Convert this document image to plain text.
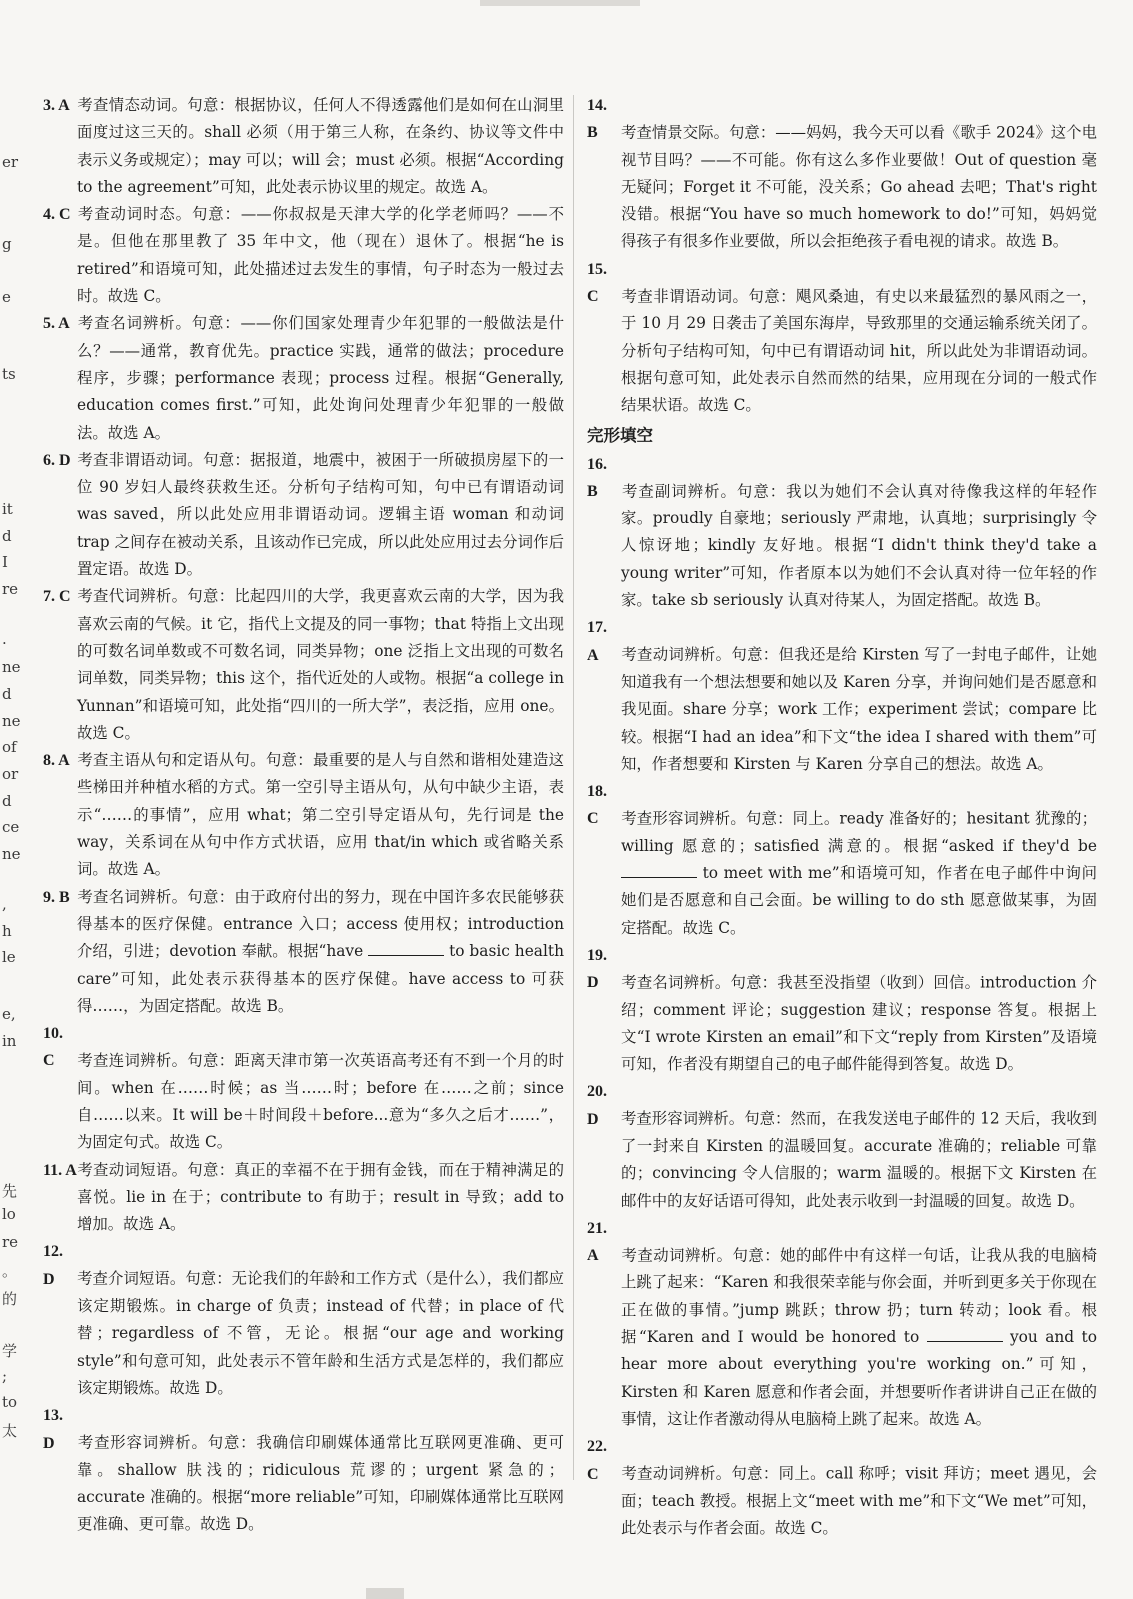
er
g
e
ts
it
d
I
re
.
ne
d
ne
of
or
d
ce
ne
,
h
le
e,
in
先
lo
re
。
的
学
;
to
太

3. A 考查情态动词。句意：根据协议，任何人不得透露他们是如何在山洞里面度过这三天的。shall 必须（用于第三人称，在条约、协议等文件中表示义务或规定）；may 可以；will 会；must 必须。根据“According to the agreement”可知，此处表示协议里的规定。故选 A。

4. C 考查动词时态。句意：——你叔叔是天津大学的化学老师吗？——不是。但他在那里教了 35 年中文，他（现在）退休了。根据“he is retired”和语境可知，此处描述过去发生的事情，句子时态为一般过去时。故选 C。

5. A 考查名词辨析。句意：——你们国家处理青少年犯罪的一般做法是什么？——通常，教育优先。practice 实践，通常的做法；procedure 程序，步骤；performance 表现；process 过程。根据“Generally, education comes first.”可知，此处询问处理青少年犯罪的一般做法。故选 A。

6. D 考查非谓语动词。句意：据报道，地震中，被困于一所破损房屋下的一位 90 岁妇人最终获救生还。分析句子结构可知，句中已有谓语动词 was saved，所以此处应用非谓语动词。逻辑主语 woman 和动词 trap 之间存在被动关系，且该动作已完成，所以此处应用过去分词作后置定语。故选 D。

7. C 考查代词辨析。句意：比起四川的大学，我更喜欢云南的大学，因为我喜欢云南的气候。it 它，指代上文提及的同一事物；that 特指上文出现的可数名词单数或不可数名词，同类异物；one 泛指上文出现的可数名词单数，同类异物；this 这个，指代近处的人或物。根据“a college in Yunnan”和语境可知，此处指“四川的一所大学”，表泛指，应用 one。故选 C。

8. A 考查主语从句和定语从句。句意：最重要的是人与自然和谐相处建造这些梯田并种植水稻的方式。第一空引导主语从句，从句中缺少主语，表示“……的事情”，应用 what；第二空引导定语从句，先行词是 the way，关系词在从句中作方式状语，应用 that/in which 或省略关系词。故选 A。

9. B 考查名词辨析。句意：由于政府付出的努力，现在中国许多农民能够获得基本的医疗保健。entrance 入口；access 使用权；introduction 介绍，引进；devotion 奉献。根据“have	to basic health care”可知，此处表示获得基本的医疗保健。have access to 可获得……，为固定搭配。故选 B。

10. C 考查连词辨析。句意：距离天津市第一次英语高考还有不到一个月的时间。when 在……时候；as 当……时；before 在……之前；since 自……以来。It will be＋时间段＋before...意为“多久之后才……”，为固定句式。故选 C。

11. A考查动词短语。句意：真正的幸福不在于拥有金钱，而在于精神满足的喜悦。lie in 在于；contribute to 有助于；result in 导致；add to 增加。故选 A。

12. D 考查介词短语。句意：无论我们的年龄和工作方式（是什么），我们都应该定期锻炼。in charge of 负责；instead of 代替；in place of 代替；regardless of 不管，无论。根据“our age and working style”和句意可知，此处表示不管年龄和生活方式是怎样的，我们都应该定期锻炼。故选 D。

13. D 考查形容词辨析。句意：我确信印刷媒体通常比互联网更准确、更可靠。shallow 肤浅的；ridiculous 荒谬的；urgent 紧急的；accurate 准确的。根据“more reliable”可知，印刷媒体通常比互联网更准确、更可靠。故选 D。

14. B 考查情景交际。句意：——妈妈，我今天可以看《歌手 2024》这个电视节目吗？——不可能。你有这么多作业要做！Out of question 毫无疑问；Forget it 不可能，没关系；Go ahead 去吧；That's right 没错。根据“You have so much homework to do!”可知，妈妈觉得孩子有很多作业要做，所以会拒绝孩子看电视的请求。故选 B。

15. C 考查非谓语动词。句意：飓风桑迪，有史以来最猛烈的暴风雨之一，于 10 月 29 日袭击了美国东海岸，导致那里的交通运输系统关闭了。分析句子结构可知，句中已有谓语动词 hit，所以此处为非谓语动词。根据句意可知，此处表示自然而然的结果，应用现在分词的一般式作结果状语。故选 C。

完形填空

16. B 考查副词辨析。句意：我以为她们不会认真对待像我这样的年轻作家。proudly 自豪地；seriously 严肃地，认真地；surprisingly 令人惊讶地；kindly 友好地。根据“I didn't think they'd take a young writer”可知，作者原本以为她们不会认真对待一位年轻的作家。take sb seriously 认真对待某人，为固定搭配。故选 B。

17. A 考查动词辨析。句意：但我还是给 Kirsten 写了一封电子邮件，让她知道我有一个想法想要和她以及 Karen 分享，并询问她们是否愿意和我见面。share 分享；work 工作；experiment 尝试；compare 比较。根据“I had an idea”和下文“the idea I shared with them”可知，作者想要和 Kirsten 与 Karen 分享自己的想法。故选 A。

18. C 考查形容词辨析。句意：同上。ready 准备好的；hesitant 犹豫的；willing 愿意的；satisfied 满意的。根据“asked if they'd be  to meet with me”和语境可知，作者在电子邮件中询问她们是否愿意和自己会面。be willing to do sth 愿意做某事，为固定搭配。故选 C。

19. D 考查名词辨析。句意：我甚至没指望（收到）回信。introduction 介绍；comment 评论；suggestion 建议；response 答复。根据上文“I wrote Kirsten an email”和下文“reply from Kirsten”及语境可知，作者没有期望自己的电子邮件能得到答复。故选 D。

20. D 考查形容词辨析。句意：然而，在我发送电子邮件的 12 天后，我收到了一封来自 Kirsten 的温暖回复。accurate 准确的；reliable 可靠的；convincing 令人信服的；warm 温暖的。根据下文 Kirsten 在邮件中的友好话语可得知，此处表示收到一封温暖的回复。故选 D。

21. A 考查动词辨析。句意：她的邮件中有这样一句话，让我从我的电脑椅上跳了起来：“Karen 和我很荣幸能与你会面，并听到更多关于你现在正在做的事情。”jump 跳跃；throw 扔；turn 转动；look 看。根据“Karen and I would be honored to	you and to hear more about everything you're working on.”可知，Kirsten 和 Karen 愿意和作者会面，并想要听作者讲讲自己正在做的事情，这让作者激动得从电脑椅上跳了起来。故选 A。

22. C 考查动词辨析。句意：同上。call 称呼；visit 拜访；meet 遇见，会面；teach 教授。根据上文“meet with me”和下文“We met”可知，此处表示与作者会面。故选 C。
